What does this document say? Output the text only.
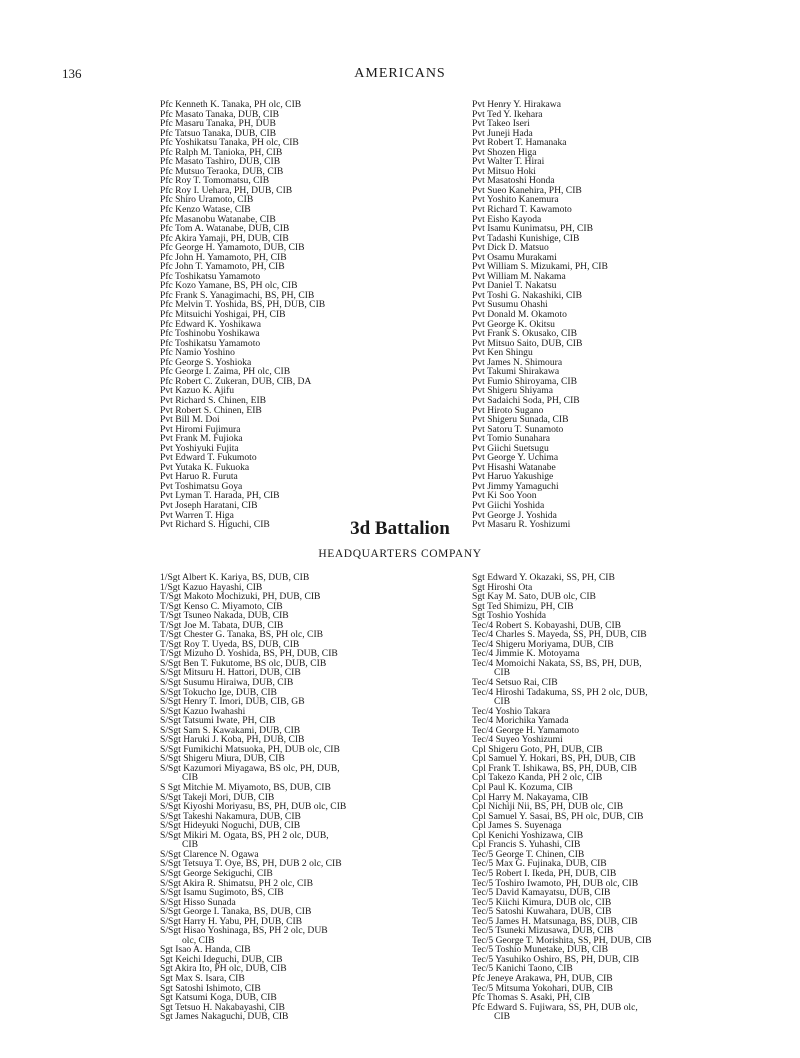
136	AMERICANS
Pfc Kenneth K. Tanaka, PH olc, CIB
Pfc Masato Tanaka, DUB, CIB
Pfc Masaru Tanaka, PH, DUB
Pfc Tatsuo Tanaka, DUB, CIB
Pfc Yoshikatsu Tanaka, PH olc, CIB
Pfc Ralph M. Tanioka, PH, CIB
Pfc Masato Tashiro, DUB, CIB
Pfc Mutsuo Teraoka, DUB, CIB
Pfc Roy T. Tomomatsu, CIB
Pfc Roy I. Uehara, PH, DUB, CIB
Pfc Shiro Uramoto, CIB
Pfc Kenzo Watase, CIB
Pfc Masanobu Watanabe, CIB
Pfc Tom A. Watanabe, DUB, CIB
Pfc Akira Yamaji, PH, DUB, CIB
Pfc George H. Yamamoto, DUB, CIB
Pfc John H. Yamamoto, PH, CIB
Pfc John T. Yamamoto, PH, CIB
Pfc Toshikatsu Yamamoto
Pfc Kozo Yamane, BS, PH olc, CIB
Pfc Frank S. Yanagimachi, BS, PH, CIB
Pfc Melvin T. Yoshida, BS, PH, DUB, CIB
Pfc Mitsuichi Yoshigai, PH, CIB
Pfc Edward K. Yoshikawa
Pfc Toshinobu Yoshikawa
Pfc Toshikatsu Yamamoto
Pfc Namio Yoshino
Pfc George S. Yoshioka
Pfc George I. Zaima, PH olc, CIB
Pfc Robert C. Zukeran, DUB, CIB, DA
Pvt Kazuo K. Ajifu
Pvt Richard S. Chinen, EIB
Pvt Robert S. Chinen, EIB
Pvt Bill M. Doi
Pvt Hiromi Fujimura
Pvt Frank M. Fujioka
Pvt Yoshiyuki Fujita
Pvt Edward T. Fukumoto
Pvt Yutaka K. Fukuoka
Pvt Haruo R. Furuta
Pvt Toshimatsu Goya
Pvt Lyman T. Harada, PH, CIB
Pvt Joseph Haratani, CIB
Pvt Warren T. Higa
Pvt Richard S. Higuchi, CIB
Pvt Henry Y. Hirakawa
Pvt Ted Y. Ikehara
Pvt Takeo Iseri
Pvt Juneji Hada
Pvt Robert T. Hamanaka
Pvt Shozen Higa
Pvt Walter T. Hirai
Pvt Mitsuo Hoki
Pvt Masatoshi Honda
Pvt Sueo Kanehira, PH, CIB
Pvt Yoshito Kanemura
Pvt Richard T. Kawamoto
Pvt Eisho Kayoda
Pvt Isamu Kunimatsu, PH, CIB
Pvt Tadashi Kunishige, CIB
Pvt Dick D. Matsuo
Pvt Osamu Murakami
Pvt William S. Mizukami, PH, CIB
Pvt William M. Nakama
Pvt Daniel T. Nakatsu
Pvt Toshi G. Nakashiki, CIB
Pvt Susumu Ohashi
Pvt Donald M. Okamoto
Pvt George K. Okitsu
Pvt Frank S. Okusako, CIB
Pvt Mitsuo Saito, DUB, CIB
Pvt Ken Shingu
Pvt James N. Shimoura
Pvt Takumi Shirakawa
Pvt Fumio Shiroyama, CIB
Pvt Shigeru Shiyama
Pvt Sadaichi Soda, PH, CIB
Pvt Hiroto Sugano
Pvt Shigeru Sunada, CIB
Pvt Satoru T. Sunamoto
Pvt Tomio Sunahara
Pvt Giichi Suetsugu
Pvt George Y. Uchima
Pvt Hisashi Watanabe
Pvt Haruo Yakushige
Pvt Jimmy Yamaguchi
Pvt Ki Soo Yoon
Pvt Giichi Yoshida
Pvt George J. Yoshida
Pvt Masaru R. Yoshizumi
3d Battalion
HEADQUARTERS COMPANY
1/Sgt Albert K. Kariya, BS, DUB, CIB
1/Sgt Kazuo Hayashi, CIB
T/Sgt Makoto Mochizuki, PH, DUB, CIB
T/Sgt Kenso C. Miyamoto, CIB
T/Sgt Tsuneo Nakada, DUB, CIB
T/Sgt Joe M. Tabata, DUB, CIB
T/Sgt Chester G. Tanaka, BS, PH olc, CIB
T/Sgt Roy T. Uyeda, BS, DUB, CIB
T/Sgt Mizuho D. Yoshida, BS, PH, DUB, CIB
S/Sgt Ben T. Fukutome, BS olc, DUB, CIB
S/Sgt Mitsuru H. Hattori, DUB, CIB
S/Sgt Susumu Hiraiwa, DUB, CIB
S/Sgt Tokucho Ige, DUB, CIB
S/Sgt Henry T. Imori, DUB, CIB, GB
S/Sgt Kazuo Iwahashi
S/Sgt Tatsumi Iwate, PH, CIB
S/Sgt Sam S. Kawakami, DUB, CIB
S/Sgt Haruki J. Koba, PH, DUB, CIB
S/Sgt Fumikichi Matsuoka, PH, DUB olc, CIB
S/Sgt Shigeru Miura, DUB, CIB
S/Sgt Kazumori Miyagawa, BS olc, PH, DUB,
CIB
S Sgt Mitchie M. Miyamoto, BS, DUB, CIB
S/Sgt Takeji Mori, DUB, CIB
S/Sgt Kiyoshi Moriyasu, BS, PH, DUB olc, CIB
S/Sgt Takeshi Nakamura, DUB, CIB
S/Sgt Hideyuki Noguchi, DUB, CIB
S/Sgt Mikiri M. Ogata, BS, PH 2 olc, DUB,
CIB
S/Sgt Clarence N. Ogawa
S/Sgt Tetsuya T. Oye, BS, PH, DUB 2 olc, CIB
S/Sgt George Sekiguchi, CIB
S/Sgt Akira R. Shimatsu, PH 2 olc, CIB
S/Sgt Isamu Sugimoto, BS, CIB
S/Sgt Hisso Sunada
S/Sgt George I. Tanaka, BS, DUB, CIB
S/Sgt Harry H. Yabu, PH, DUB, CIB
S/Sgt Hisao Yoshinaga, BS, PH 2 olc, DUB
olc, CIB
Sgt Isao A. Handa, CIB
Sgt Keichi Ideguchi, DUB, CIB
Sgt Akira Ito, PH olc, DUB, CIB
Sgt Max S. Isara, CIB
Sgt Satoshi Ishimoto, CIB
Sgt Katsumi Koga, DUB, CIB
Sgt Tetsuo H. Nakabayashi, CIB
Sgt James Nakaguchi, DUB, CIB
Sgt Edward Y. Okazaki, SS, PH, CIB
Sgt Hiroshi Ota
Sgt Kay M. Sato, DUB olc, CIB
Sgt Ted Shimizu, PH, CIB
Sgt Toshio Yoshida
Tec/4 Robert S. Kobayashi, DUB, CIB
Tec/4 Charles S. Mayeda, SS, PH, DUB, CIB
Tec/4 Shigeru Moriyama, DUB, CIB
Tec/4 Jimmie K. Motoyama
Tec/4 Momoichi Nakata, SS, BS, PH, DUB,
CIB
Tec/4 Setsuo Rai, CIB
Tec/4 Hiroshi Tadakuma, SS, PH 2 olc, DUB,
CIB
Tec/4 Yoshio Takara
Tec/4 Morichika Yamada
Tec/4 George H. Yamamoto
Tec/4 Suyeo Yoshizumi
Cpl Shigeru Goto, PH, DUB, CIB
Cpl Samuel Y. Hokari, BS, PH, DUB, CIB
Cpl Frank T. Ishikawa, BS, PH, DUB, CIB
Cpl Takezo Kanda, PH 2 olc, CIB
Cpl Paul K. Kozuma, CIB
Cpl Harry M. Nakayama, CIB
Cpl Nichiji Nii, BS, PH, DUB olc, CIB
Cpl Samuel Y. Sasai, BS, PH olc, DUB, CIB
Cpl James S. Suyenaga
Cpl Kenichi Yoshizawa, CIB
Cpl Francis S. Yuhashi, CIB
Tec/5 George T. Chinen, CIB
Tec/5 Max G. Fujinaka, DUB, CIB
Tec/5 Robert I. Ikeda, PH, DUB, CIB
Tec/5 Toshiro Iwamoto, PH, DUB olc, CIB
Tec/5 David Kamayatsu, DUB, CIB
Tec/5 Kiichi Kimura, DUB olc, CIB
Tec/5 Satoshi Kuwahara, DUB, CIB
Tec/5 James H. Matsunaga, BS, DUB, CIB
Tec/5 Tsuneki Mizusawa, DUB, CIB
Tec/5 George T. Morishita, SS, PH, DUB, CIB
Tec/5 Toshio Munetake, DUB, CIB
Tec/5 Yasuhiko Oshiro, BS, PH, DUB, CIB
Tec/5 Kanichi Taono, CIB
Pfc Jeneye Arakawa, PH, DUB, CIB
Tec/5 Mitsuma Yokohari, DUB, CIB
Pfc Thomas S. Asaki, PH, CIB
Pfc Edward S. Fujiwara, SS, PH, DUB olc,
CIB
